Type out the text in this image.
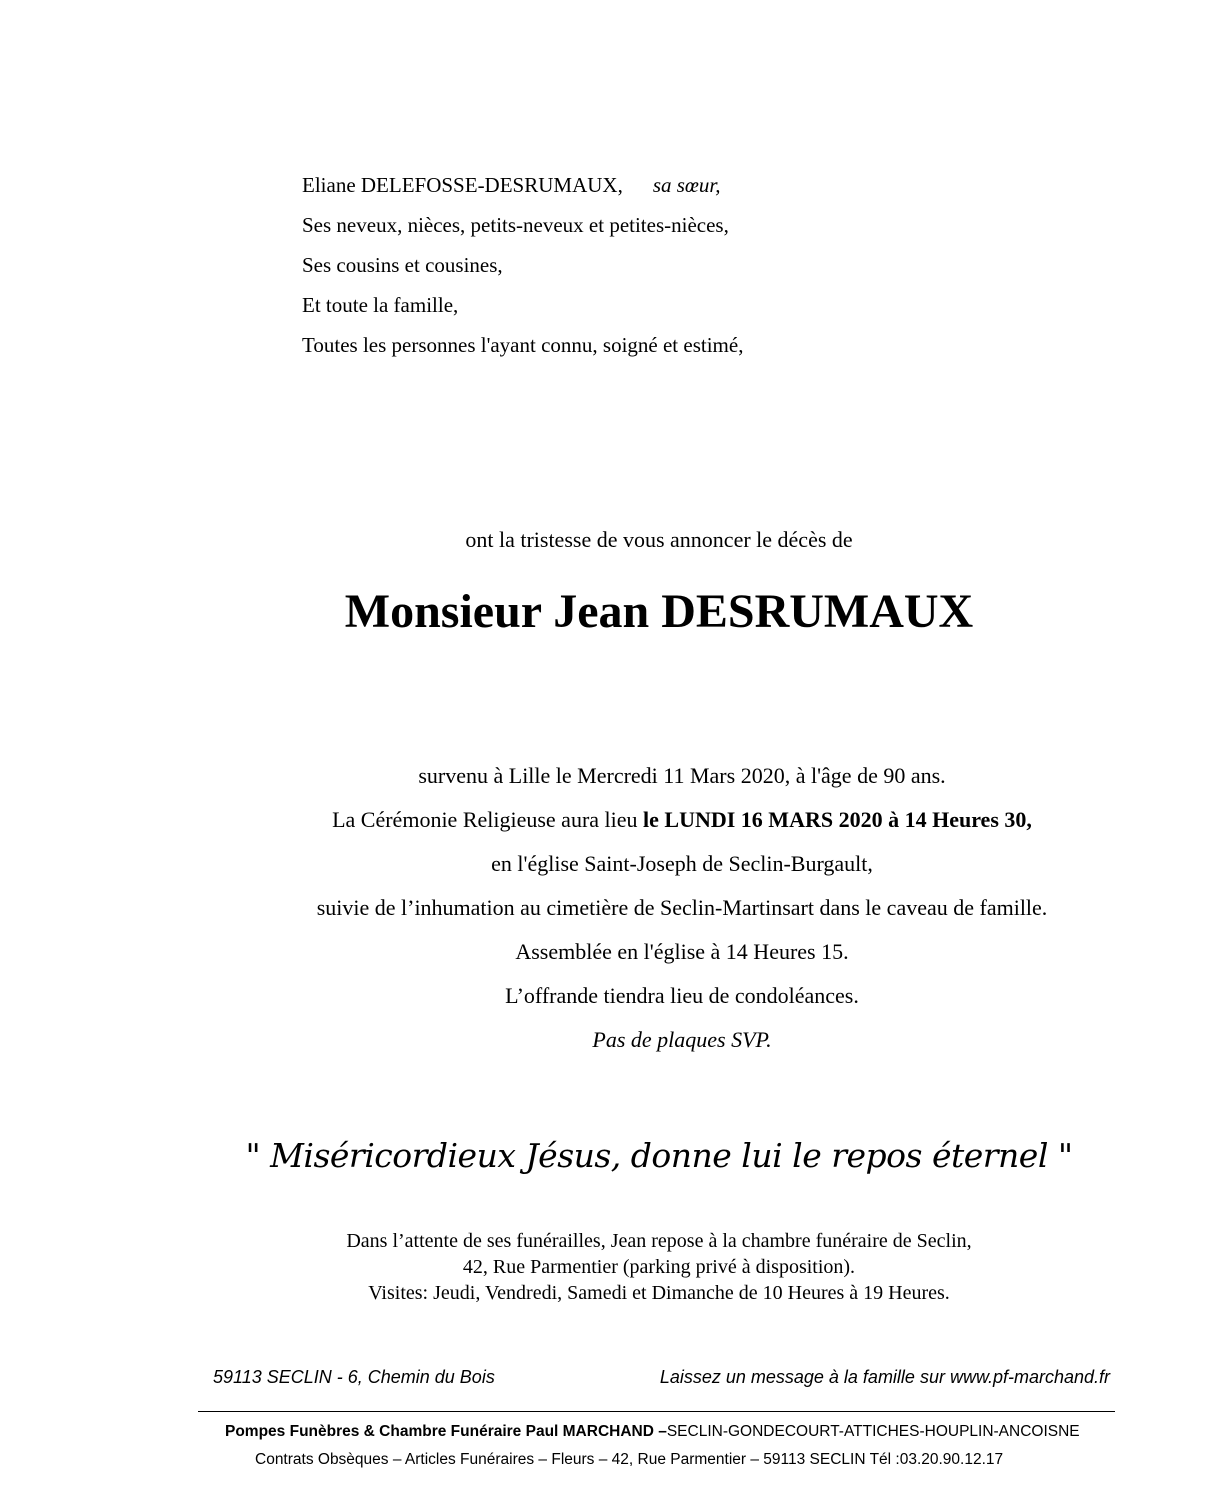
Eliane DELEFOSSE-DESRUMAUX, sa sœur,
Ses neveux, nièces, petits-neveux et petites-nièces,
Ses cousins et cousines,
Et toute la famille,
Toutes les personnes l'ayant connu, soigné et estimé,
ont la tristesse de vous annoncer le décès de
Monsieur Jean DESRUMAUX
survenu à Lille le Mercredi 11 Mars 2020, à l'âge de 90 ans.
La Cérémonie Religieuse aura lieu le LUNDI 16 MARS 2020 à 14 Heures 30,
en l'église Saint-Joseph de Seclin-Burgault,
suivie de l’inhumation au cimetière de Seclin-Martinsart dans le caveau de famille.
Assemblée en l'église à 14 Heures 15.
L’offrande tiendra lieu de condoléances.
Pas de plaques SVP.
" Miséricordieux Jésus, donne lui le repos éternel "
Dans l’attente de ses funérailles, Jean repose à la chambre funéraire de Seclin,
42, Rue Parmentier (parking privé à disposition).
Visites: Jeudi, Vendredi, Samedi et Dimanche de 10 Heures à 19 Heures.
59113 SECLIN - 6, Chemin du Bois	Laissez un message à la famille sur www.pf-marchand.fr
Pompes Funèbres & Chambre Funéraire Paul MARCHAND –SECLIN-GONDECOURT-ATTICHES-HOUPLIN-ANCOISNE
Contrats Obsèques – Articles Funéraires – Fleurs – 42, Rue Parmentier – 59113 SECLIN Tél :03.20.90.12.17
